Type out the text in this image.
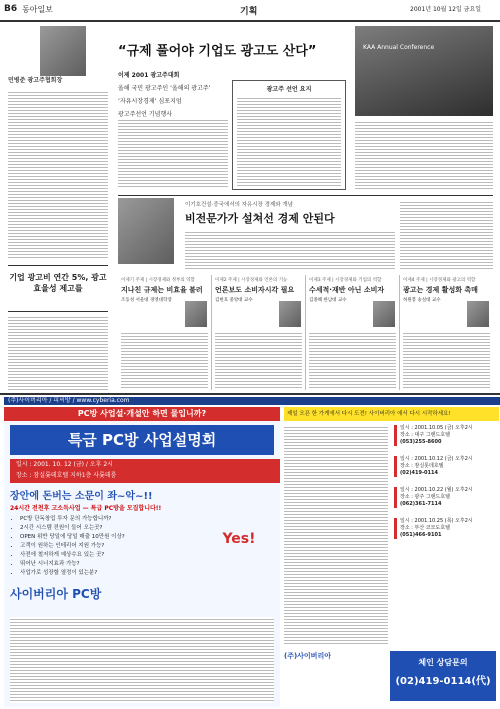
B6 동아일보	기획	2001년 10월 12일 금요일
민병준 광고주협회장
기업 광고비 연간 5%, 광고 효율성 제고를
“규제 풀어야 기업도 광고도 산다”
이제 2001 광고주대회
올해 국민 광고주인 ‘올해의 광고주’
‘자유시장경제’ 심포지엄
광고주선언 기념행사
광고주 선언 요지
KAA Annual Conference
이기호건설·중국에서의 자유시장 경제와 개념
비전문가가 설쳐선 경제 안된다
이제기 주제 | 시장경제와 정부의 역할
지나친 규제는 비효율 불러
조동성 서울대 경영대학장
이제2 주제 | 시장경제와 언론의 기능
언론보도 소비자시각 필요
김현호 중앙대 교수
이제3 주제 | 시장경제와 기업의 역할
수세적·재반 아닌 소비자
김종해 한남대 교수
이제4 주제 | 시장경제와 광고의 역할
광고는 경제 활성화 촉매
허원봉 숭실대 교수
(주)사이버리아 / 피씨방 / www.cyberia.com
PC방 사업설·개설안 하면 물입니까?
특급 PC방 사업설명회
일시 : 2001. 10. 12 (금) / 오후 2시
장소 : 잠실롯데호텔 지하1층 사롯데룸
장안에 돈버는 소문이 좌~악~!!
24시간 전천후 고소득사업 — 특급 PC방을 모집합니다!!
• PC방 단독창업 투자 문의 가능합니까?
• 2시간 시스템 전원이 들어 오는곳?
• OPEN 위반 당일에 당일 매출 10만원 이상?
• 고객이 원하는 인테리어 지원 가능?
• 사전에 철저하게 예상수요 있는 곳?
• 뛰어난 시너지효과 가능?
• 사업가로 성장할 열정이 있는분?
Yes!
사이버리아 PC방
제일 오픈 한 가게에서 다시 도전! 사이버리아 에서 다시 시작하세요!
일시 : 2001.10.05 (금) 오후2시
장소 : 대구 그랜드호텔
(053)255-8600
일시 : 2001.10.12 (금) 오후2시
장소 : 잠실롯데호텔
(02)419-0114
일시 : 2001.10.22 (월) 오후2시
장소 : 광주 그랜드호텔
(062)361-7114
일시 : 2001.10.25 (목) 오후2시
장소 : 부산 코모도호텔
(051)466-9101
(주)사이버리아
체인 상담문의
(02)419-0114(代)
